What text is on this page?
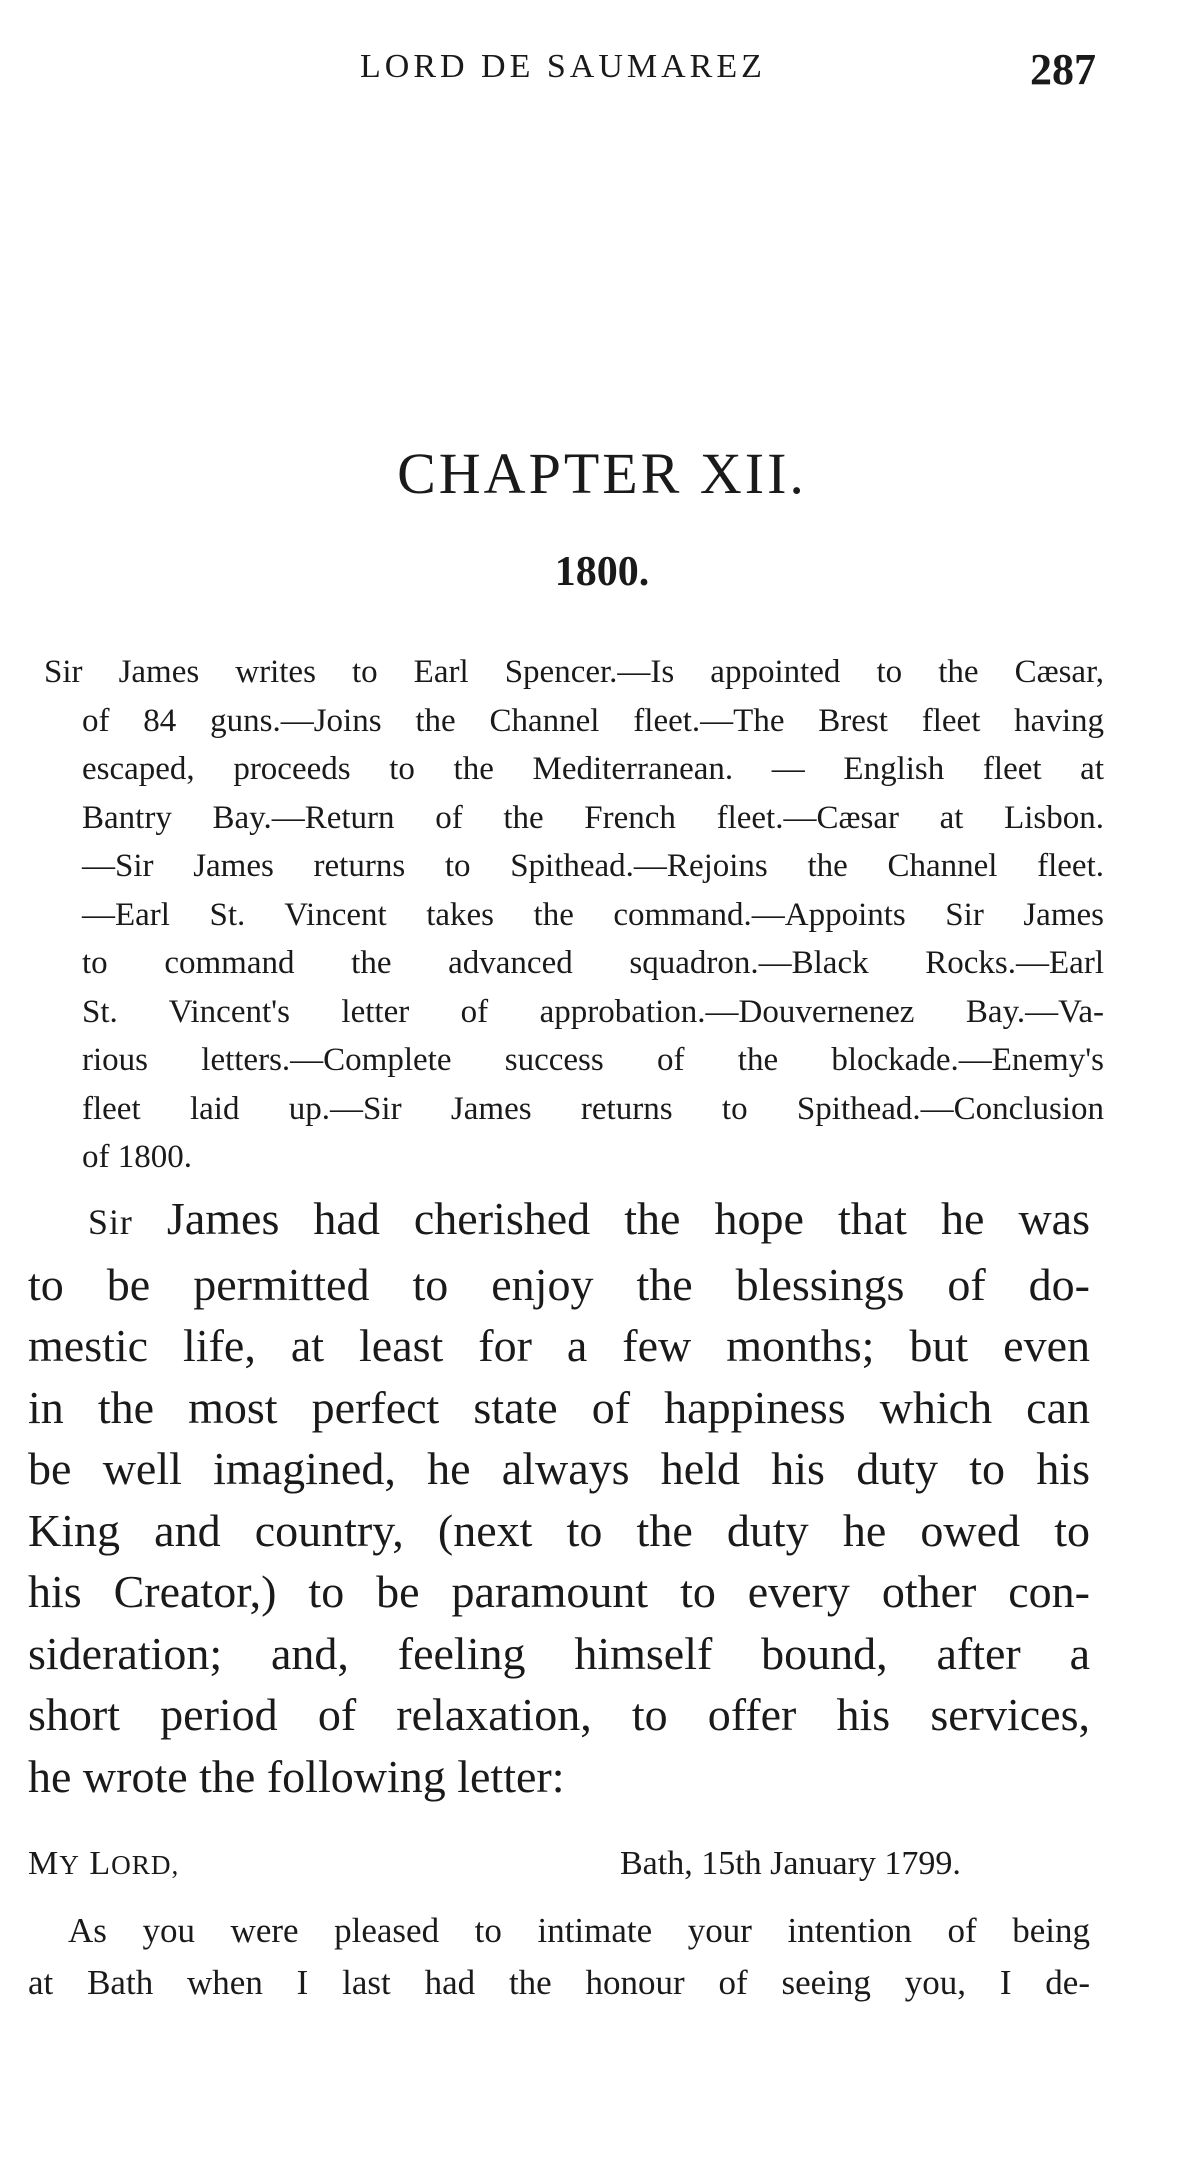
LORD DE SAUMAREZ	287
CHAPTER XII.
1800.
Sir James writes to Earl Spencer.—Is appointed to the Cæsar,
of 84 guns.—Joins the Channel fleet.—The Brest fleet having
escaped, proceeds to the Mediterranean. — English fleet at
Bantry Bay.—Return of the French fleet.—Cæsar at Lisbon.
—Sir James returns to Spithead.—Rejoins the Channel fleet.
—Earl St. Vincent takes the command.—Appoints Sir James
to command the advanced squadron.—Black Rocks.—Earl
St. Vincent's letter of approbation.—Douvernenez Bay.—Va-
rious letters.—Complete success of the blockade.—Enemy's
fleet laid up.—Sir James returns to Spithead.—Conclusion
of 1800.
Sir James had cherished the hope that he was
to be permitted to enjoy the blessings of do-
mestic life, at least for a few months; but even
in the most perfect state of happiness which can
be well imagined, he always held his duty to his
King and country, (next to the duty he owed to
his Creator,) to be paramount to every other con-
sideration; and, feeling himself bound, after a
short period of relaxation, to offer his services,
he wrote the following letter:
MY LORD,	Bath, 15th January 1799.
As you were pleased to intimate your intention of being
at Bath when I last had the honour of seeing you, I de-
